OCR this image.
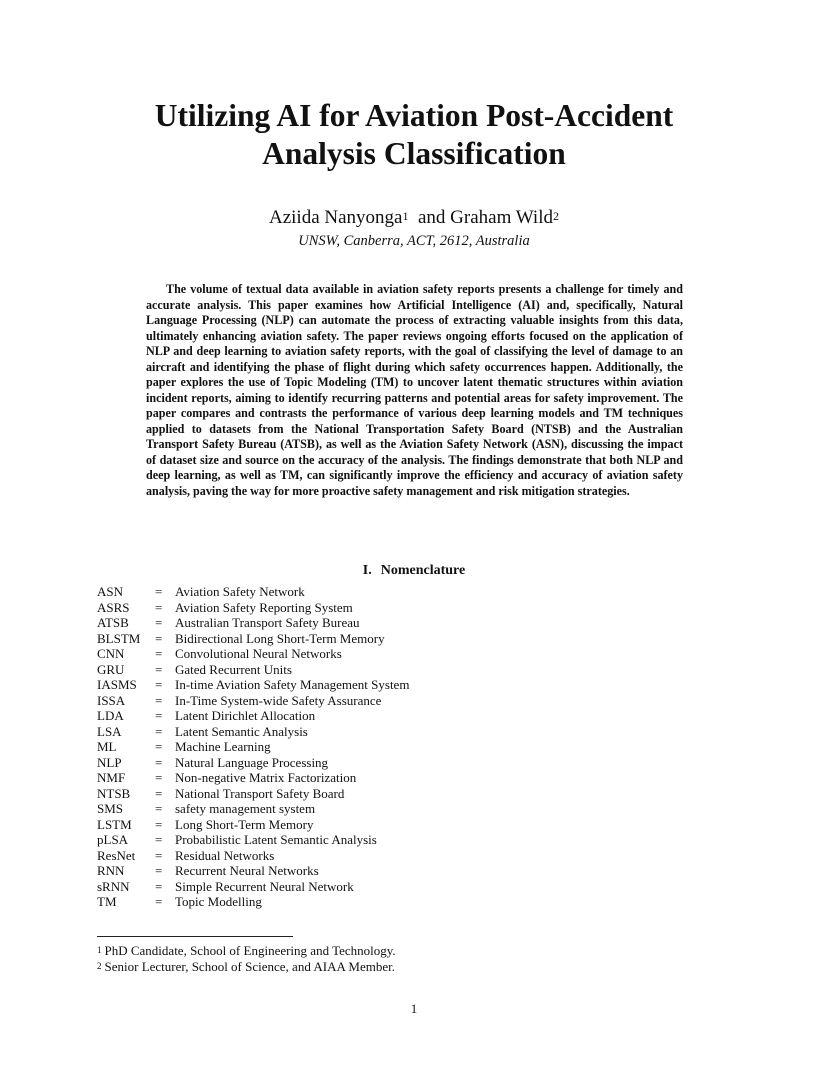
Utilizing AI for Aviation Post-Accident
Analysis Classification
Aziida Nanyonga$^1$ and Graham Wild$^2$
UNSW, Canberra, ACT, 2612, Australia

The volume of textual data available in aviation safety reports presents a challenge for timely and accurate analysis. This paper examines how Artificial Intelligence (AI) and, specifically, Natural Language Processing (NLP) can automate the process of extracting valuable insights from this data, ultimately enhancing aviation safety. The paper reviews ongoing efforts focused on the application of NLP and deep learning to aviation safety reports, with the goal of classifying the level of damage to an aircraft and identifying the phase of flight during which safety occurrences happen. Additionally, the paper explores the use of Topic Modeling (TM) to uncover latent thematic structures within aviation incident reports, aiming to identify recurring patterns and potential areas for safety improvement. The paper compares and contrasts the performance of various deep learning models and TM techniques applied to datasets from the National Transportation Safety Board (NTSB) and the Australian Transport Safety Bureau (ATSB), as well as the Aviation Safety Network (ASN), discussing the impact of dataset size and source on the accuracy of the analysis. The findings demonstrate that both NLP and deep learning, as well as TM, can significantly improve the efficiency and accuracy of aviation safety analysis, paving the way for more proactive safety management and risk mitigation strategies.

I. Nomenclature
ASN = Aviation Safety Network
ASRS = Aviation Safety Reporting System
ATSB = Australian Transport Safety Bureau
BLSTM = Bidirectional Long Short-Term Memory
CNN = Convolutional Neural Networks
GRU = Gated Recurrent Units
IASMS = In-time Aviation Safety Management System
ISSA = In-Time System-wide Safety Assurance
LDA = Latent Dirichlet Allocation
LSA	= Latent Semantic Analysis
ML	= Machine Learning
NLP	= Natural Language Processing
NMF = Non-negative Matrix Factorization
NTSB = National Transport Safety Board
SMS = safety management system
LSTM = Long Short-Term Memory
pLSA = Probabilistic Latent Semantic Analysis
ResNet = Residual Networks
RNN = Recurrent Neural Networks
sRNN = Simple Recurrent Neural Network
TM	= Topic Modelling
$^1$ PhD Candidate, School of Engineering and Technology.
$^2$ Senior Lecturer, School of Science, and AIAA Member.
1
